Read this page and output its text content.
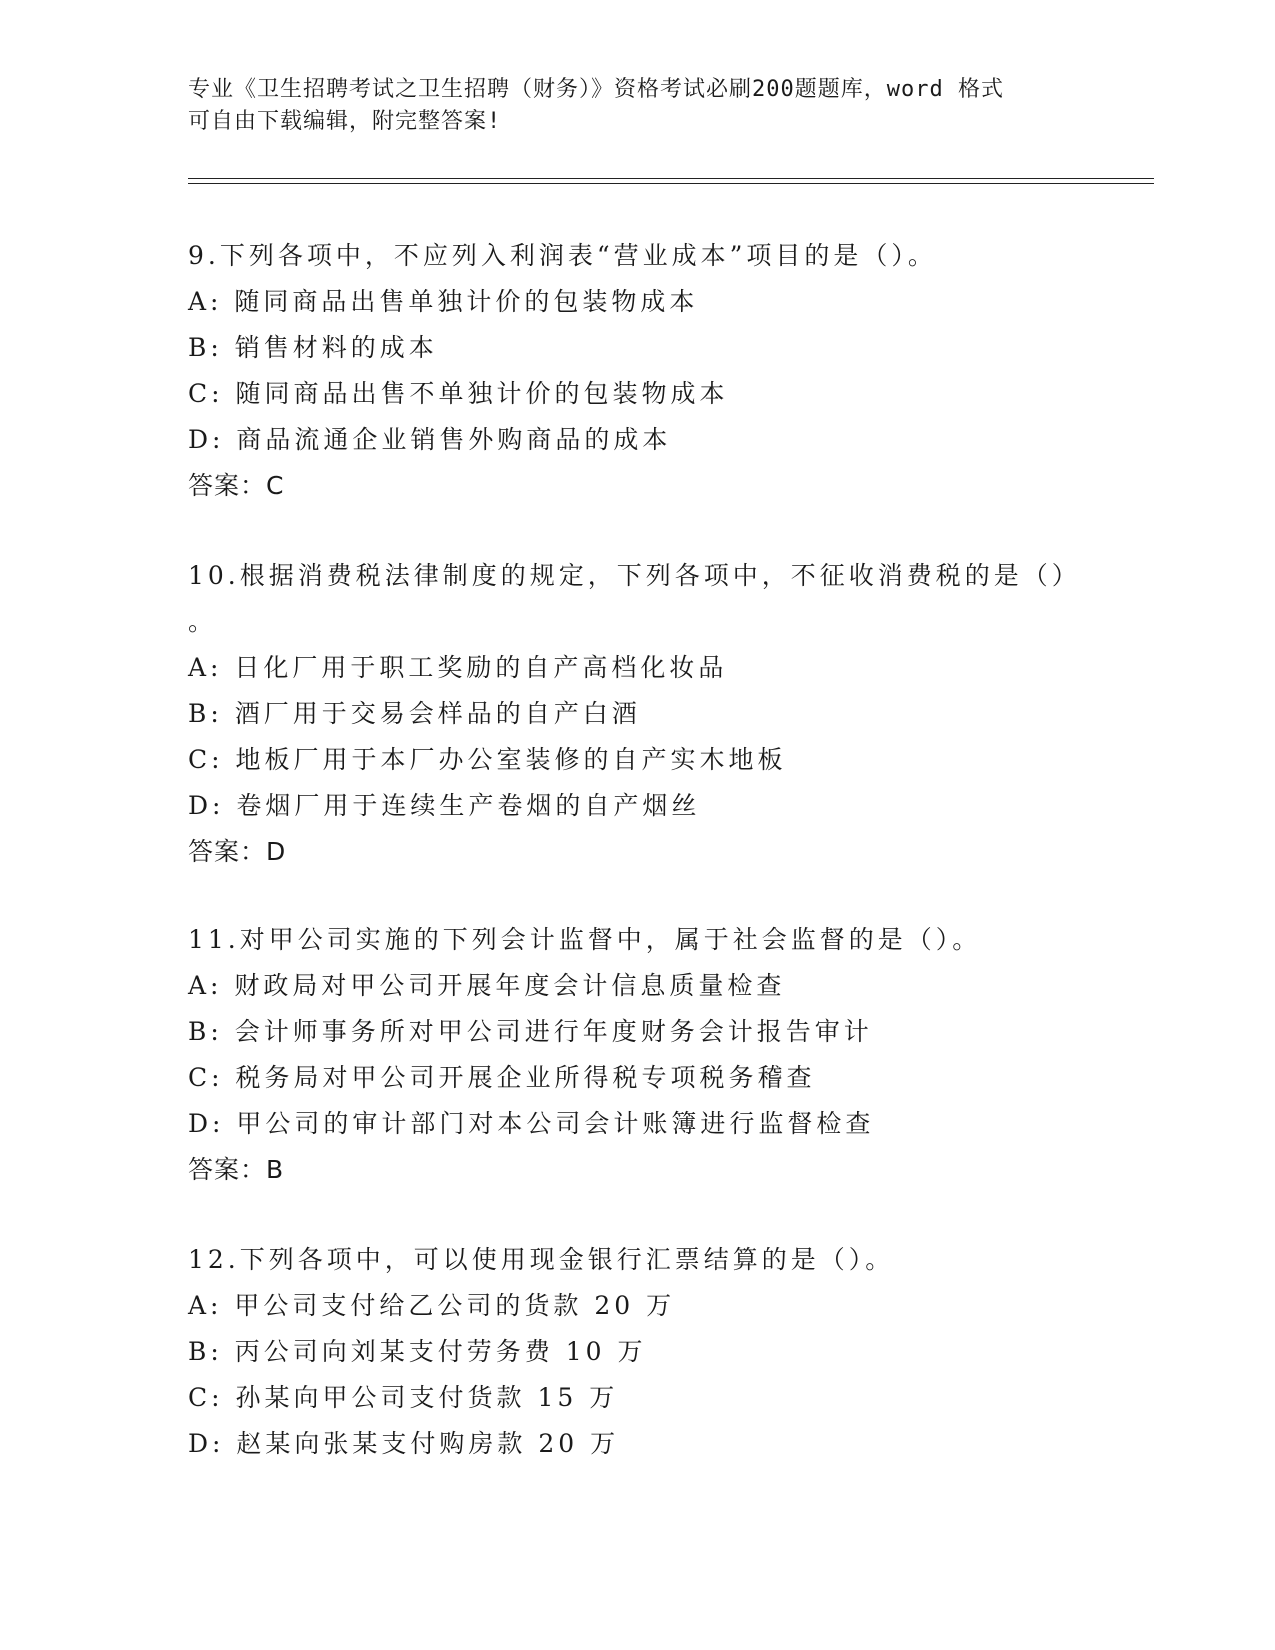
专业《卫生招聘考试之卫生招聘（财务）》资格考试必刷200题题库，word 格式
可自由下载编辑，附完整答案!
9.下列各项中，不应列入利润表“营业成本”项目的是（）。
A: 随同商品出售单独计价的包装物成本
B: 销售材料的成本
C: 随同商品出售不单独计价的包装物成本
D: 商品流通企业销售外购商品的成本
答案：C
10.根据消费税法律制度的规定，下列各项中，不征收消费税的是（）
。
A: 日化厂用于职工奖励的自产高档化妆品
B: 酒厂用于交易会样品的自产白酒
C: 地板厂用于本厂办公室装修的自产实木地板
D: 卷烟厂用于连续生产卷烟的自产烟丝
答案：D
11.对甲公司实施的下列会计监督中，属于社会监督的是（）。
A: 财政局对甲公司开展年度会计信息质量检查
B: 会计师事务所对甲公司进行年度财务会计报告审计
C: 税务局对甲公司开展企业所得税专项税务稽查
D: 甲公司的审计部门对本公司会计账簿进行监督检查
答案：B
12.下列各项中，可以使用现金银行汇票结算的是（）。
A: 甲公司支付给乙公司的货款 20 万
B: 丙公司向刘某支付劳务费 10 万
C: 孙某向甲公司支付货款 15 万
D: 赵某向张某支付购房款 20 万
